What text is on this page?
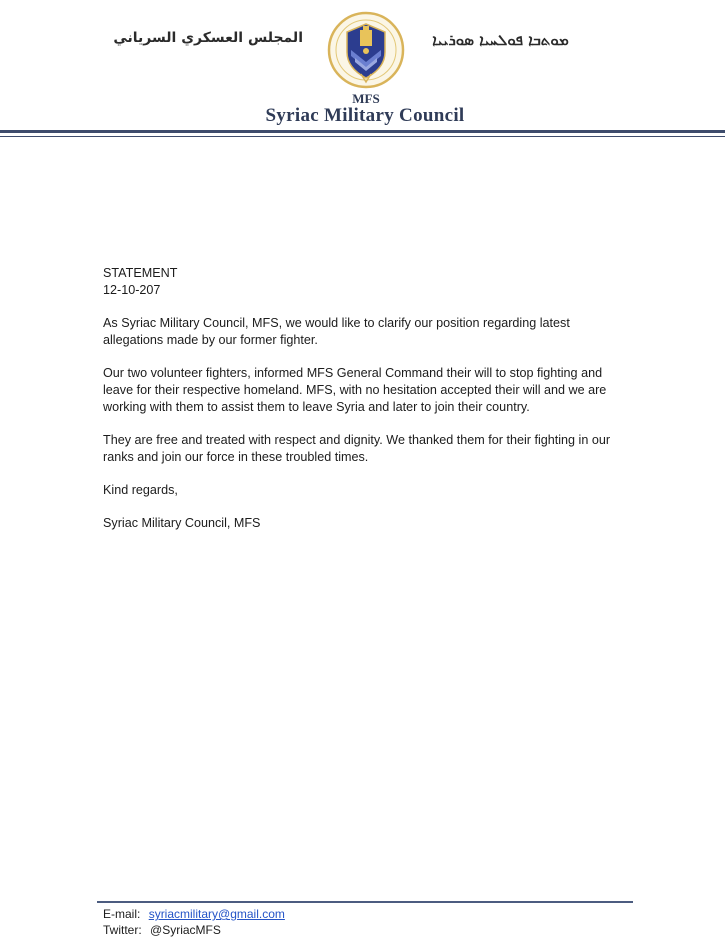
المجلس العسكري السرياني	ܡܘܬܒܐ ܦܘܠܚܝܐ ܣܘܪܝܝܐ
MFS
Syriac Military Council

STATEMENT

12-10-207

As Syriac Military Council, MFS, we would like to clarify our position regarding latest allegations made by our former fighter.

Our two volunteer fighters, informed MFS General Command their will to stop fighting and leave for their respective homeland. MFS, with no hesitation accepted their will and we are working with them to assist them to leave Syria and later to join their country.

They are free and treated with respect and dignity. We thanked them for their fighting in our ranks and join our force in these troubled times.

Kind regards,

Syriac Military Council, MFS

E-mail: syriacmilitary@gmail.com
Twitter: @SyriacMFS
